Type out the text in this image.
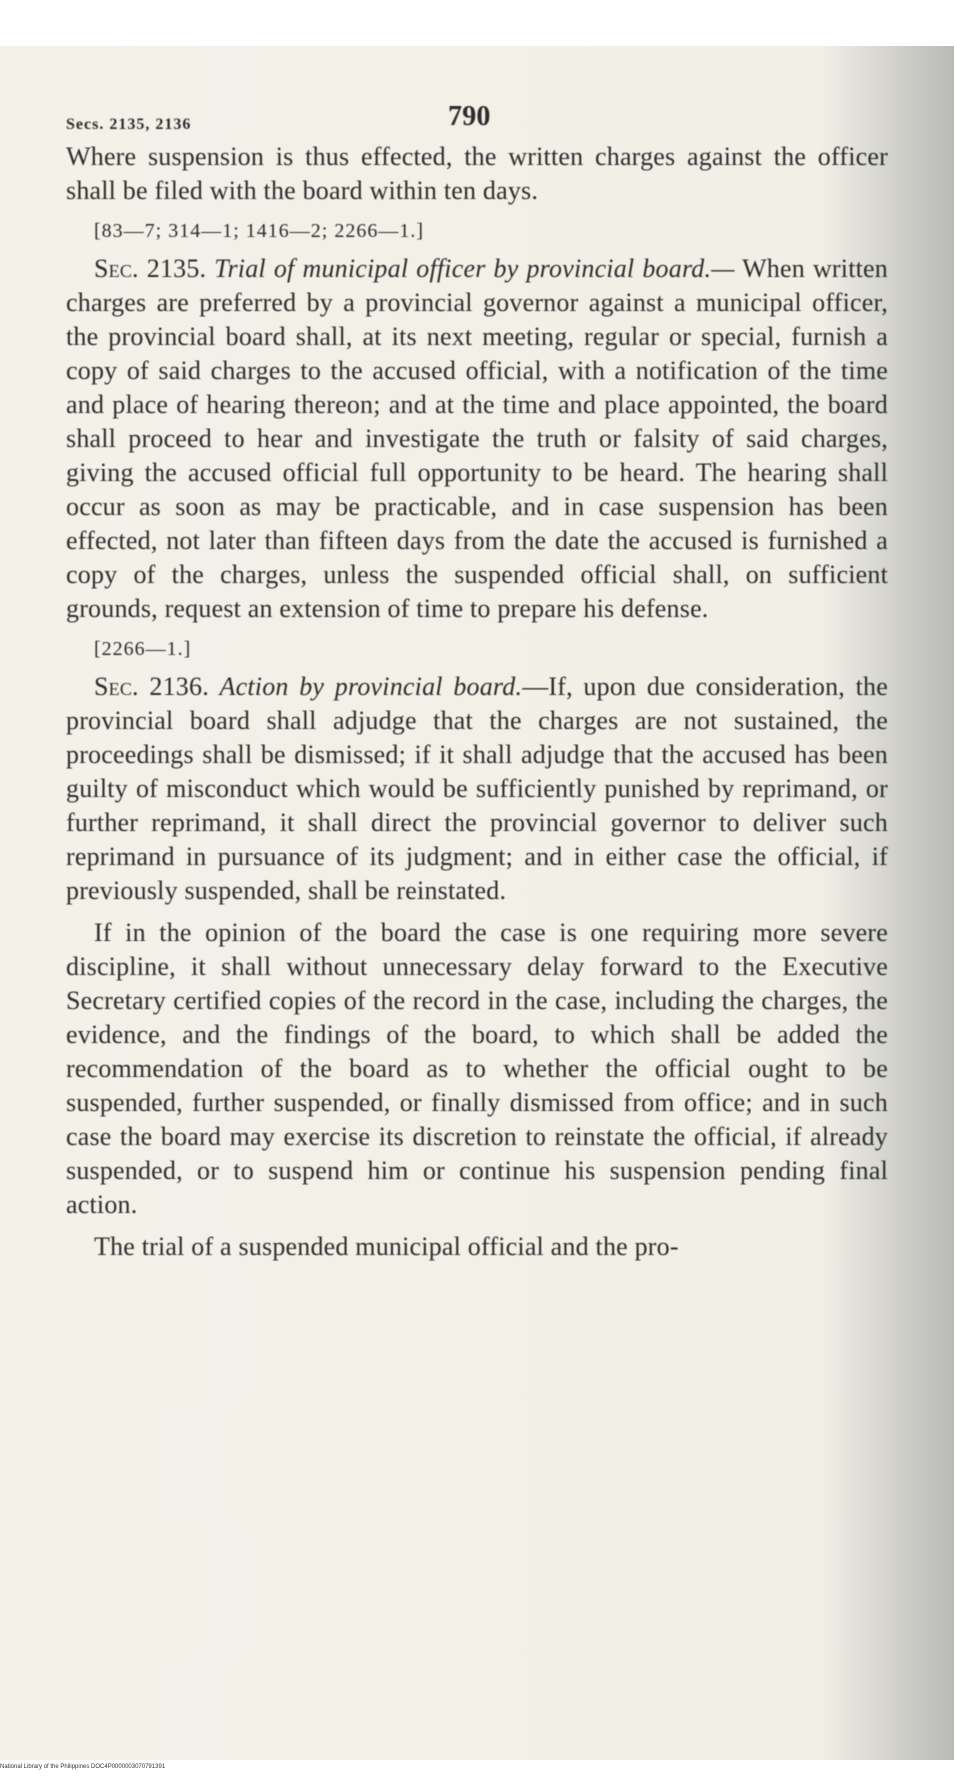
Secs. 2135, 2136	790

Where suspension is thus effected, the written charges against the officer shall be filed with the board within ten days.

[83—7; 314—1; 1416—2; 2266—1.]

Sec. 2135. Trial of municipal officer by provincial board.— When written charges are preferred by a provincial governor against a municipal officer, the provincial board shall, at its next meeting, regular or special, furnish a copy of said charges to the accused official, with a notification of the time and place of hearing thereon; and at the time and place appointed, the board shall proceed to hear and investigate the truth or falsity of said charges, giving the accused official full opportunity to be heard. The hearing shall occur as soon as may be practicable, and in case suspension has been effected, not later than fifteen days from the date the accused is furnished a copy of the charges, unless the suspended official shall, on sufficient grounds, request an extension of time to prepare his defense.

[2266—1.]

Sec. 2136. Action by provincial board.—If, upon due consideration, the provincial board shall adjudge that the charges are not sustained, the proceedings shall be dismissed; if it shall adjudge that the accused has been guilty of misconduct which would be sufficiently punished by reprimand, or further reprimand, it shall direct the provincial governor to deliver such reprimand in pursuance of its judgment; and in either case the official, if previously suspended, shall be reinstated.

If in the opinion of the board the case is one requiring more severe discipline, it shall without unnecessary delay forward to the Executive Secretary certified copies of the record in the case, including the charges, the evidence, and the findings of the board, to which shall be added the recommendation of the board as to whether the official ought to be suspended, further suspended, or finally dismissed from office; and in such case the board may exercise its discretion to reinstate the official, if already suspended, or to suspend him or continue his suspension pending final action.

The trial of a suspended municipal official and the pro-

National Library of the Philippines DOC4P0000003070791391
